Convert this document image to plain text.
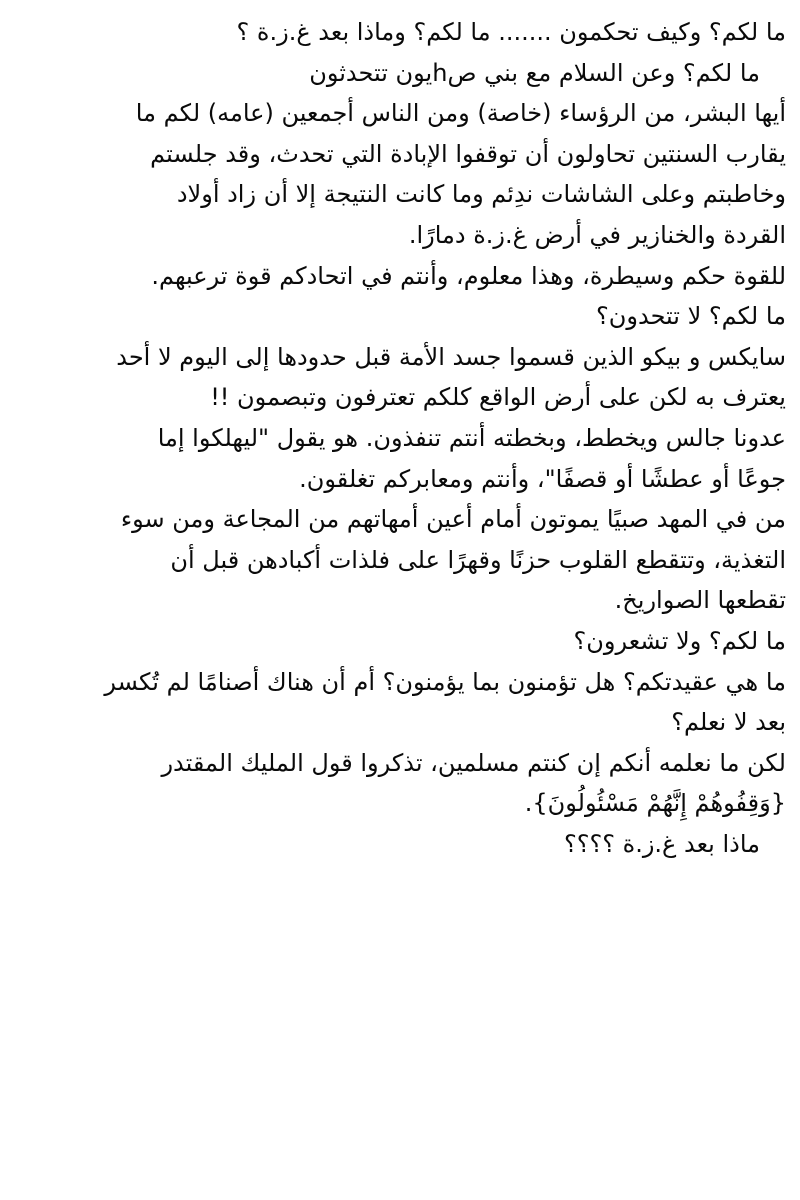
ما لكم؟ وكيف تحكمون ....... ما لكم؟ وماذا بعد غ.ز.ة ؟
ما لكم؟ وعن السلام مع بني صhيون تتحدثون
أيها البشر، من الرؤساء (خاصة) ومن الناس أجمعين (عامه) لكم ما
يقارب السنتين تحاولون أن توقفوا الإبادة التي تحدث، وقد جلستم
وخاطبتم وعلى الشاشات ندِئم وما كانت النتيجة إلا أن زاد أولاد
القردة والخنازير في أرض غ.ز.ة دمارًا.
للقوة حكم وسيطرة، وهذا معلوم، وأنتم في اتحادكم قوة ترعبهم.
ما لكم؟ لا تتحدون؟
سايكس و بيكو الذين قسموا جسد الأمة قبل حدودها إلى اليوم لا أحد
يعترف به لكن على أرض الواقع كلكم تعترفون وتبصمون !!
عدونا جالس ويخطط، وبخطته أنتم تنفذون. هو يقول "ليهلكوا إما
جوعًا أو عطشًا أو قصفًا"، وأنتم ومعابركم تغلقون.
من في المهد صبيًا يموتون أمام أعين أمهاتهم من المجاعة ومن سوء
التغذية، وتتقطع القلوب حزنًا وقهرًا على فلذات أكبادهن قبل أن
تقطعها الصواريخ.
ما لكم؟ ولا تشعرون؟
ما هي عقيدتكم؟ هل تؤمنون بما يؤمنون؟ أم أن هناك أصنامًا لم تُكسر
بعد لا نعلم؟
لكن ما نعلمه أنكم إن كنتم مسلمين، تذكروا قول المليك المقتدر
{وَقِفُوهُمْ إِنَّهُمْ مَسْئُولُونَ}.
ماذا بعد غ.ز.ة ؟؟؟؟
